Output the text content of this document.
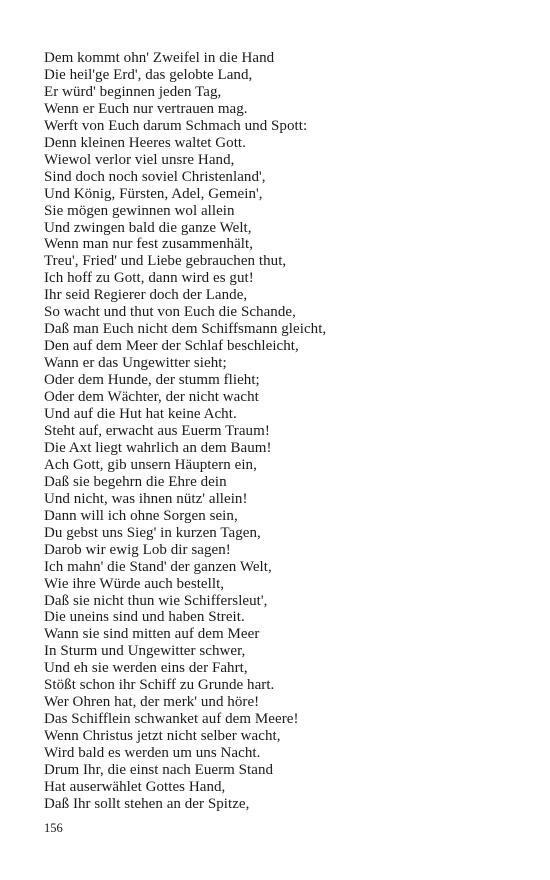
Dem kommt ohn' Zweifel in die Hand
Die heil'ge Erd', das gelobte Land,
Er würd' beginnen jeden Tag,
Wenn er Euch nur vertrauen mag.
Werft von Euch darum Schmach und Spott:
Denn kleinen Heeres waltet Gott.
Wiewol verlor viel unsre Hand,
Sind doch noch soviel Christenland',
Und König, Fürsten, Adel, Gemein',
Sie mögen gewinnen wol allein
Und zwingen bald die ganze Welt,
Wenn man nur fest zusammenhält,
Treu', Fried' und Liebe gebrauchen thut,
Ich hoff zu Gott, dann wird es gut!
Ihr seid Regierer doch der Lande,
So wacht und thut von Euch die Schande,
Daß man Euch nicht dem Schiffsmann gleicht,
Den auf dem Meer der Schlaf beschleicht,
Wann er das Ungewitter sieht;
Oder dem Hunde, der stumm flieht;
Oder dem Wächter, der nicht wacht
Und auf die Hut hat keine Acht.
Steht auf, erwacht aus Euerm Traum!
Die Axt liegt wahrlich an dem Baum!
Ach Gott, gib unsern Häuptern ein,
Daß sie begehrn die Ehre dein
Und nicht, was ihnen nütz' allein!
Dann will ich ohne Sorgen sein,
Du gebst uns Sieg' in kurzen Tagen,
Darob wir ewig Lob dir sagen!
Ich mahn' die Stand' der ganzen Welt,
Wie ihre Würde auch bestellt,
Daß sie nicht thun wie Schiffersleut',
Die uneins sind und haben Streit.
Wann sie sind mitten auf dem Meer
In Sturm und Ungewitter schwer,
Und eh sie werden eins der Fahrt,
Stößt schon ihr Schiff zu Grunde hart.
Wer Ohren hat, der merk' und höre!
Das Schifflein schwanket auf dem Meere!
Wenn Christus jetzt nicht selber wacht,
Wird bald es werden um uns Nacht.
Drum Ihr, die einst nach Euerm Stand
Hat auserwählet Gottes Hand,
Daß Ihr sollt stehen an der Spitze,
156
